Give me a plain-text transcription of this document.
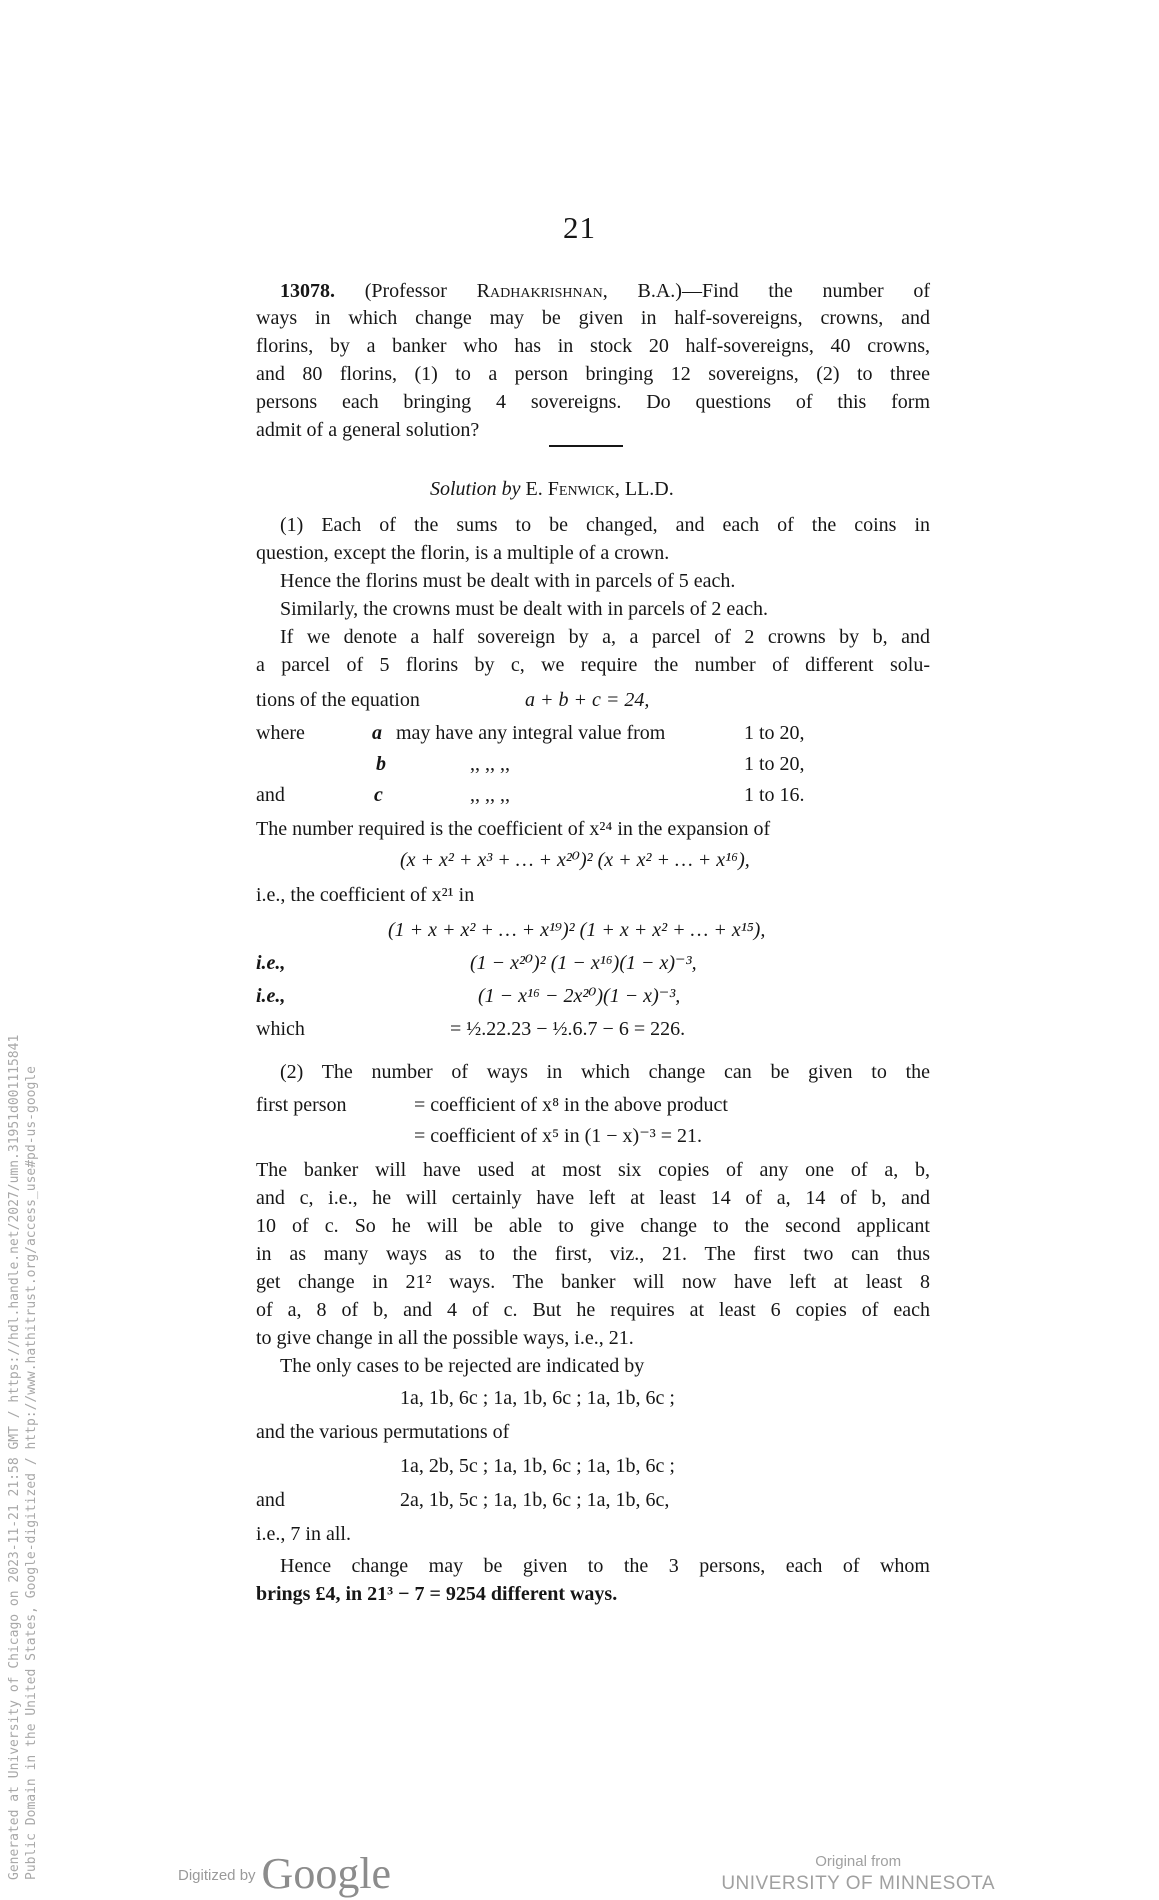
Generated at University of Chicago on 2023-11-21 21:58 GMT / https://hdl.handle.net/2027/umn.31951d001115841 Public Domain in the United States, Google-digitized / http://www.hathitrust.org/access_use#pd-us-google
21
13078. (Professor Radhakrishnan, B.A.)—Find the number of
ways in which change may be given in half-sovereigns, crowns, and
florins, by a banker who has in stock 20 half-sovereigns, 40 crowns,
and 80 florins, (1) to a person bringing 12 sovereigns, (2) to three
persons each bringing 4 sovereigns. Do questions of this form
admit of a general solution?
Solution by E. Fenwick, LL.D.
(1) Each of the sums to be changed, and each of the coins in
question, except the florin, is a multiple of a crown.
Hence the florins must be dealt with in parcels of 5 each.
Similarly, the crowns must be dealt with in parcels of 2 each.
If we denote a half sovereign by a, a parcel of 2 crowns by b, and
a parcel of 5 florins by c, we require the number of different solu-
tions of the equation	a + b + c = 24,
where	a may have any integral value from	1 to 20,
b	,, ,, ,,	1 to 20,
and	c	,, ,, ,,	1 to 16.
The number required is the coefficient of x²⁴ in the expansion of
(x + x² + x³ + … + x²⁰)² (x + x² + … + x¹⁶),
i.e., the coefficient of x²¹ in
(1 + x + x² + … + x¹⁹)² (1 + x + x² + … + x¹⁵),
i.e.,	(1 − x²⁰)² (1 − x¹⁶)(1 − x)⁻³,
i.e.,	(1 − x¹⁶ − 2x²⁰)(1 − x)⁻³,
which	= ½.22.23 − ½.6.7 − 6 = 226.
(2) The number of ways in which change can be given to the
first person	= coefficient of x⁸ in the above product
= coefficient of x⁵ in (1 − x)⁻³ = 21.
The banker will have used at most six copies of any one of a, b,
and c, i.e., he will certainly have left at least 14 of a, 14 of b, and
10 of c. So he will be able to give change to the second applicant
in as many ways as to the first, viz., 21. The first two can thus
get change in 21² ways. The banker will now have left at least 8
of a, 8 of b, and 4 of c. But he requires at least 6 copies of each
to give change in all the possible ways, i.e., 21.
The only cases to be rejected are indicated by
1a, 1b, 6c ; 1a, 1b, 6c ; 1a, 1b, 6c ;
and the various permutations of
1a, 2b, 5c ; 1a, 1b, 6c ; 1a, 1b, 6c ;
and	2a, 1b, 5c ; 1a, 1b, 6c ; 1a, 1b, 6c,
i.e., 7 in all.
Hence change may be given to the 3 persons, each of whom
brings £4, in 21³ − 7 = 9254 different ways.
Digitized by Google	Original from
UNIVERSITY OF MINNESOTA
